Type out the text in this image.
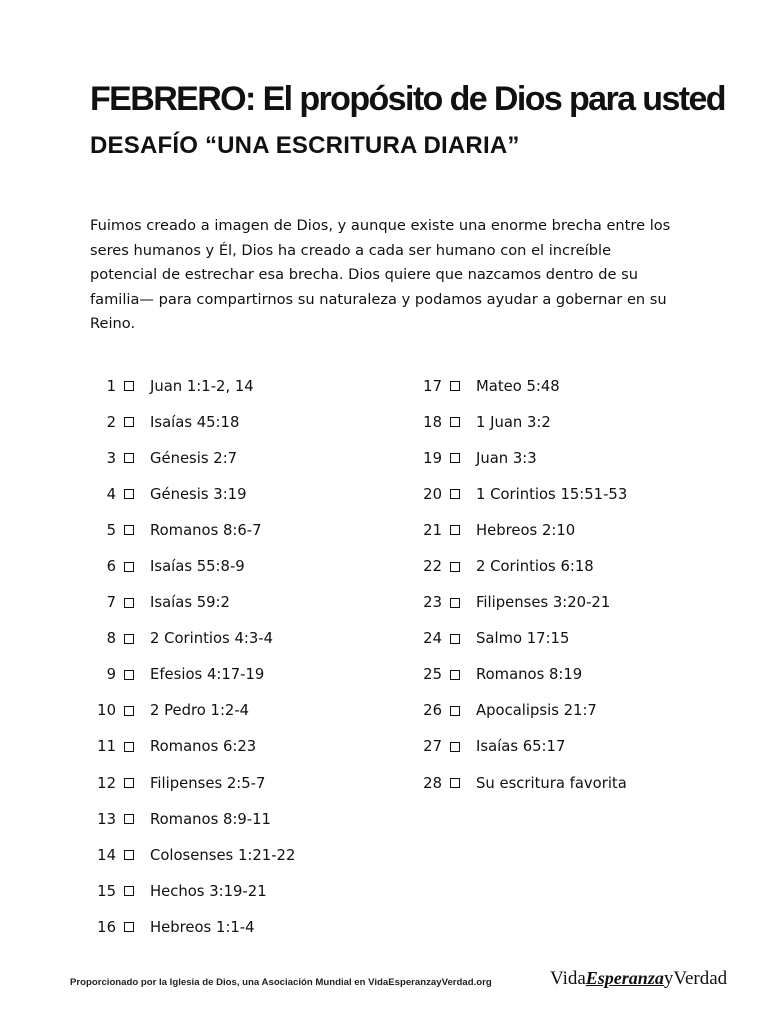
FEBRERO: El propósito de Dios para usted
DESAFÍO “UNA ESCRITURA DIARIA”

Fuimos creado a imagen de Dios, y aunque existe una enorme brecha entre los seres humanos y Él, Dios ha creado a cada ser humano con el increíble potencial de estrechar esa brecha. Dios quiere que nazcamos dentro de su familia— para compartirnos su naturaleza y podamos ayudar a gobernar en su Reino.

1 Juan 1:1-2, 14
2 Isaías 45:18
3 Génesis 2:7
4 Génesis 3:19
5 Romanos 8:6-7
6 Isaías 55:8-9
7 Isaías 59:2
8 2 Corintios 4:3-4
9 Efesios 4:17-19
10 2 Pedro 1:2-4
11 Romanos 6:23
12 Filipenses 2:5-7
13 Romanos 8:9-11
14 Colosenses 1:21-22
15 Hechos 3:19-21
16 Hebreos 1:1-4
17 Mateo 5:48
18 1 Juan 3:2
19 Juan 3:3
20 1 Corintios 15:51-53
21 Hebreos 2:10
22 2 Corintios 6:18
23 Filipenses 3:20-21
24 Salmo 17:15
25 Romanos 8:19
26 Apocalipsis 21:7
27 Isaías 65:17
28 Su escritura favorita
Proporcionado por la Iglesia de Dios, una Asociación Mundial en VidaEsperanzayVerdad.org	VidaEsperanzayVerdad
